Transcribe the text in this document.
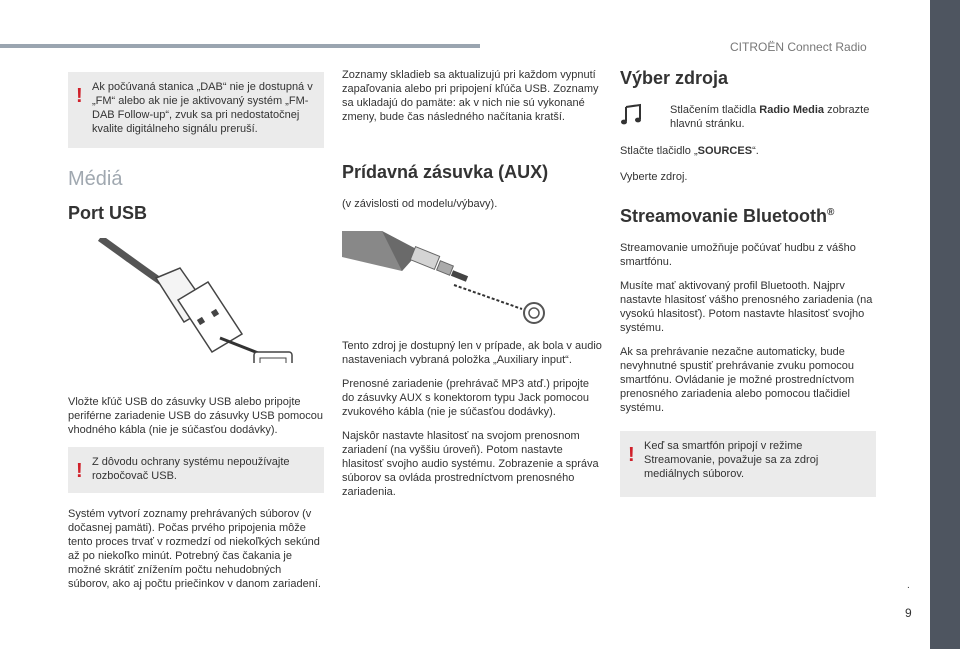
CITROËN Connect Radio
! Ak počúvaná stanica „DAB“ nie je dostupná v „FM“ alebo ak nie je aktivovaný systém „FM-DAB Follow-up“, zvuk sa pri nedostatočnej kvalite digitálneho signálu preruší.
Médiá
Port USB

Vložte kľúč USB do zásuvky USB alebo pripojte periférne zariadenie USB do zásuvky USB pomocou vhodného kábla (nie je súčasťou dodávky).

! Z dôvodu ochrany systému nepoužívajte rozbočovač USB.

Systém vytvorí zoznamy prehrávaných súborov (v dočasnej pamäti). Počas prvého pripojenia môže tento proces trvať v rozmedzí od niekoľkých sekúnd až po niekoľko minút. Potrebný čas čakania je možné skrátiť znížením počtu nehudobných súborov, ako aj počtu priečinkov v danom zariadení.

Zoznamy skladieb sa aktualizujú pri každom vypnutí zapaľovania alebo pri pripojení kľúča USB. Zoznamy sa ukladajú do pamäte: ak v nich nie sú vykonané zmeny, bude čas následného načítania kratší.

Prídavná zásuvka (AUX)

(v závislosti od modelu/výbavy).

Tento zdroj je dostupný len v prípade, ak bola v audio nastaveniach vybraná položka „Auxiliary input“.

Prenosné zariadenie (prehrávač MP3 atď.) pripojte do zásuvky AUX s konektorom typu Jack pomocou zvukového kábla (nie je súčasťou dodávky).

Najskôr nastavte hlasitosť na svojom prenosnom zariadení (na vyššiu úroveň). Potom nastavte hlasitosť svojho audio systému. Zobrazenie a správa súborov sa ovláda prostredníctvom prenosného zariadenia.

Výber zdroja

Stlačením tlačidla Radio Media zobrazte hlavnú stránku.

Stlačte tlačidlo „SOURCES“.

Vyberte zdroj.

Streamovanie Bluetooth®

Streamovanie umožňuje počúvať hudbu z vášho smartfónu.

Musíte mať aktivovaný profil Bluetooth. Najprv nastavte hlasitosť vášho prenosného zariadenia (na vysokú hlasitosť). Potom nastavte hlasitosť svojho systému.

Ak sa prehrávanie nezačne automaticky, bude nevyhnutné spustiť prehrávanie zvuku pomocou smartfónu. Ovládanie je možné prostredníctvom prenosného zariadenia alebo pomocou tlačidiel systému.

! Keď sa smartfón pripojí v režime Streamovanie, považuje sa za zdroj mediálnych súborov.
.
9
